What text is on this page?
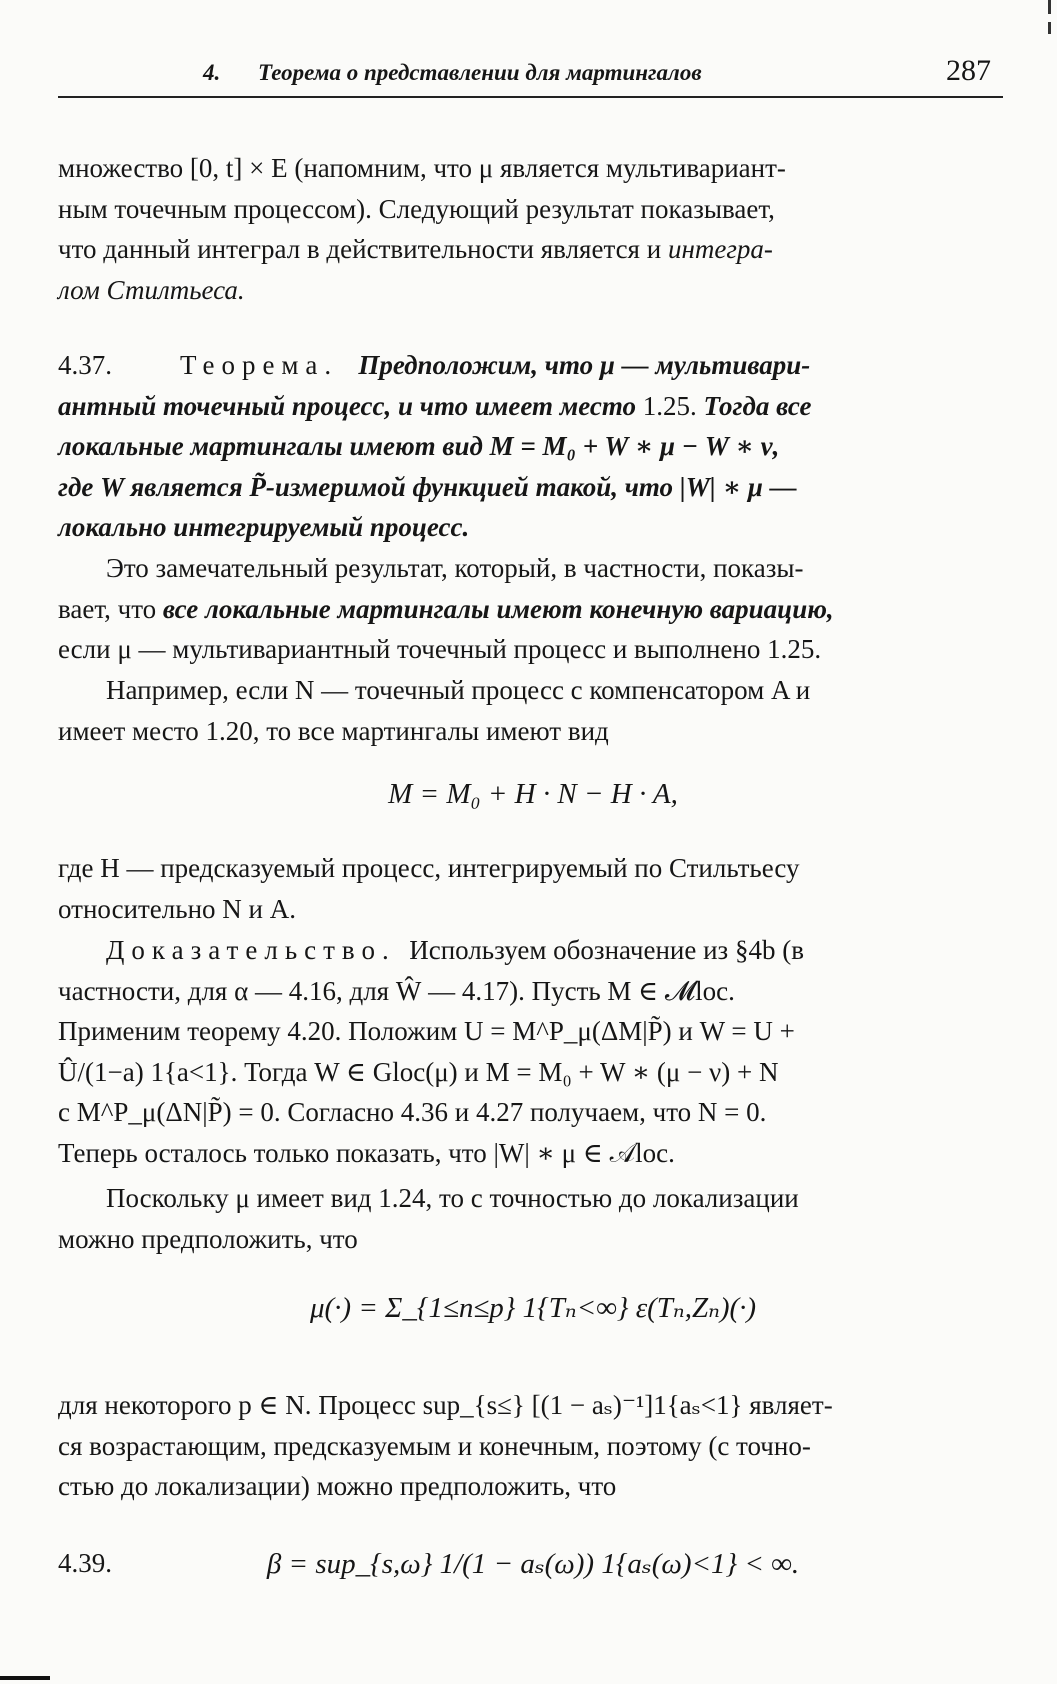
4. Теорема о представлении для мартингалов	287
множество [0, t] × E (напомним, что μ является мультивариант-
ным точечным процессом). Следующий результат показывает,
что данный интеграл в действительности является и интегра-
лом Стилтьеса.
4.37.	Теорема. Предположим, что μ — мультивари-
антный точечный процесс, и что имеет место 1.25. Тогда все
локальные мартингалы имеют вид M = M₀ + W ∗ μ − W ∗ ν,
где W является P̃-измеримой функцией такой, что |W| ∗ μ —
локально интегрируемый процесс.
Это замечательный результат, который, в частности, показы-
вает, что все локальные мартингалы имеют конечную вариацию,
если μ — мультивариантный точечный процесс и выполнено 1.25.
Например, если N — точечный процесс с компенсатором A и
имеет место 1.20, то все мартингалы имеют вид
M = M₀ + H · N − H · A,
где H — предсказуемый процесс, интегрируемый по Стильтьесу
относительно N и A.
Доказательство. Используем обозначение из §4b (в
частности, для α — 4.16, для Ŵ — 4.17). Пусть M ∈ 𝓜loc.
Применим теорему 4.20. Положим U = M^P_μ(ΔM|P̃) и W = U +
Û/(1−a) 1{a<1}. Тогда W ∈ Gloc(μ) и M = M₀ + W ∗ (μ − ν) + N
с M^P_μ(ΔN|P̃) = 0. Согласно 4.36 и 4.27 получаем, что N = 0.
Теперь осталось только показать, что |W| ∗ μ ∈ 𝒜loc.
Поскольку μ имеет вид 1.24, то с точностью до локализации
можно предположить, что
μ(·) = Σ_{1≤n≤p} 1{Tₙ<∞} ε(Tₙ,Zₙ)(·)
для некоторого p ∈ N. Процесс sup_{s≤} [(1 − aₛ)⁻¹]1{aₛ<1} являет-
ся возрастающим, предсказуемым и конечным, поэтому (с точно-
стью до локализации) можно предположить, что
4.39.	β = sup_{s,ω} 1/(1 − aₛ(ω)) 1{aₛ(ω)<1} < ∞.
